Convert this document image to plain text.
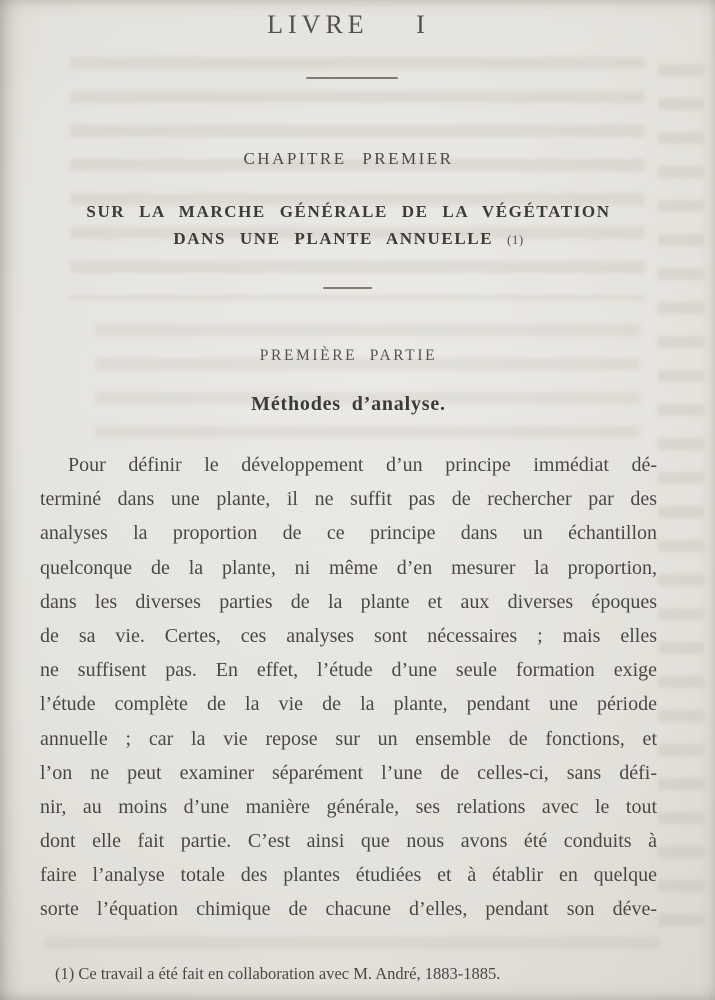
LIVRE I
CHAPITRE PREMIER
SUR LA MARCHE GÉNÉRALE DE LA VÉGÉTATION
DANS UNE PLANTE ANNUELLE (1)
PREMIÈRE PARTIE
Méthodes d’analyse.
Pour définir le développement d’un principe immédiat dé-
terminé dans une plante, il ne suffit pas de rechercher par des
analyses la proportion de ce principe dans un échantillon
quelconque de la plante, ni même d’en mesurer la proportion,
dans les diverses parties de la plante et aux diverses époques
de sa vie. Certes, ces analyses sont nécessaires ; mais elles
ne suffisent pas. En effet, l’étude d’une seule formation exige
l’étude complète de la vie de la plante, pendant une période
annuelle ; car la vie repose sur un ensemble de fonctions, et
l’on ne peut examiner séparément l’une de celles-ci, sans défi-
nir, au moins d’une manière générale, ses relations avec le tout
dont elle fait partie. C’est ainsi que nous avons été conduits à
faire l’analyse totale des plantes étudiées et à établir en quelque
sorte l’équation chimique de chacune d’elles, pendant son déve-
(1) Ce travail a été fait en collaboration avec M. André, 1883-1885.
